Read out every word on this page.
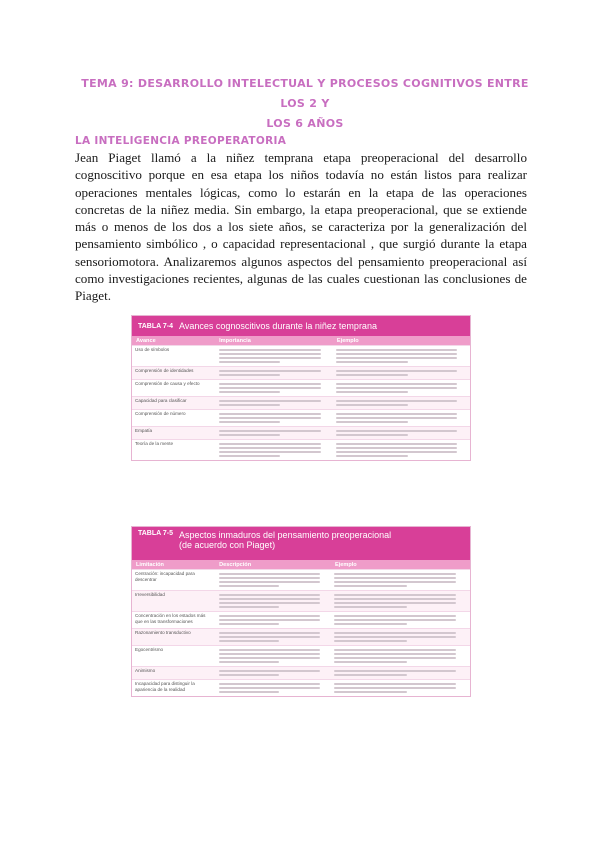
TEMA 9: DESARROLLO INTELECTUAL Y PROCESOS COGNITIVOS ENTRE LOS 2 Y
LOS 6 AÑOS
LA INTELIGENCIA PREOPERATORIA
Jean Piaget llamó a la niñez temprana etapa preoperacional del desarrollo cognoscitivo porque en esa etapa los niños todavía no están listos para realizar operaciones mentales lógicas, como lo estarán en la etapa de las operaciones concretas de la niñez media. Sin embargo, la etapa preoperacional, que se extiende más o menos de los dos a los siete años, se caracteriza por la generalización del pensamiento simbólico , o capacidad representacional , que surgió durante la etapa sensoriomotora. Analizaremos algunos aspectos del pensamiento preoperacional así como investigaciones recientes, algunas de las cuales cuestionan las conclusiones de Piaget.
TABLA 7-4 Avances cognoscitivos durante la niñez temprana
Avance	Importancia	Ejemplo
Uso de símbolos
Comprensión de identidades
Comprensión de causa y efecto
Capacidad para clasificar
Comprensión de número
Empatía
Teoría de la mente
TABLA 7-5 Aspectos inmaduros del pensamiento preoperacional
(de acuerdo con Piaget)
Limitación	Descripción	Ejemplo
Centración: incapacidad para descentrar
Irreversibilidad
Concentración en los estados más que en las transformaciones
Razonamiento transductivo
Egocentrismo
Animismo
Incapacidad para distinguir la apariencia de la realidad
